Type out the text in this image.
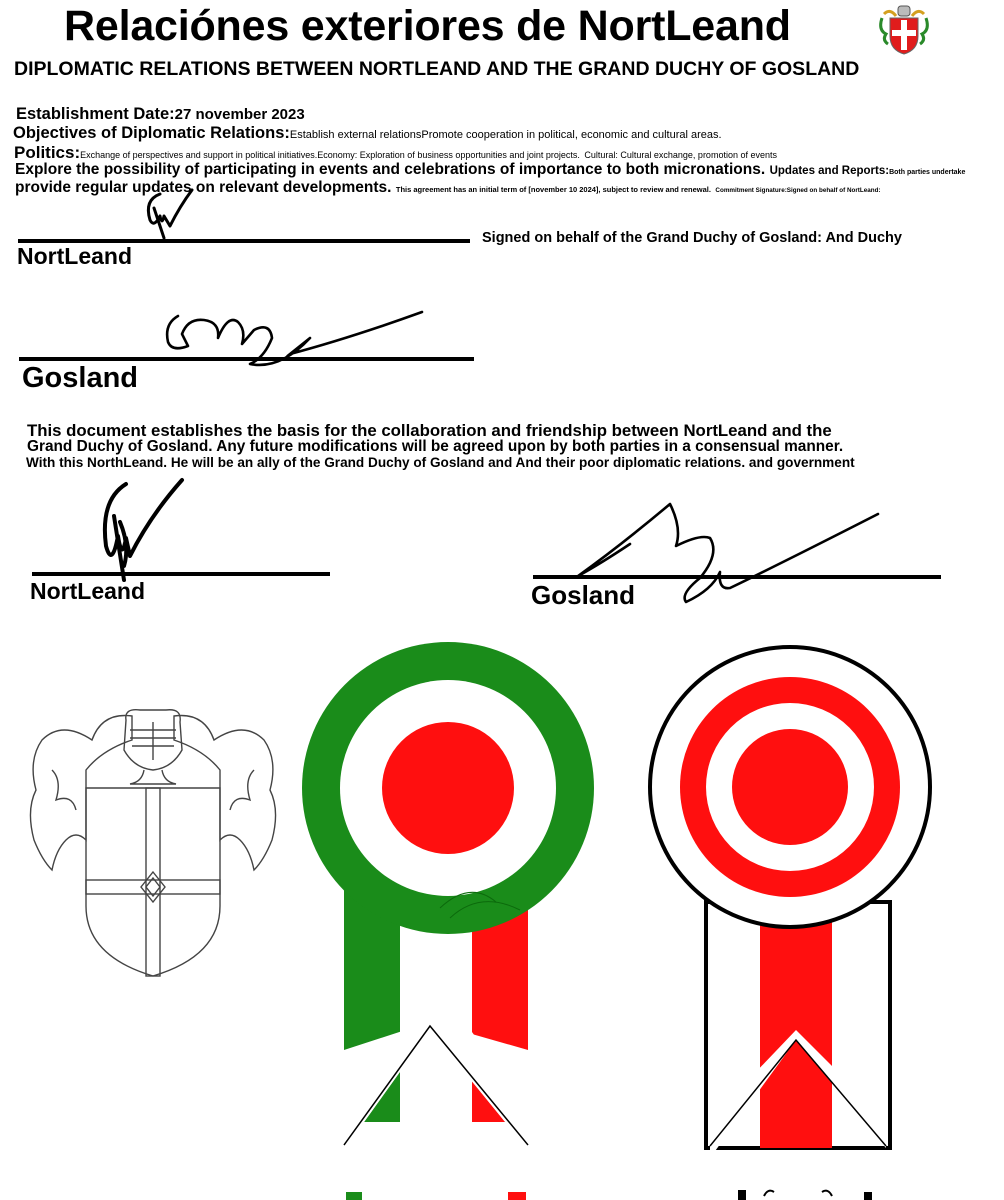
Relaciónes exteriores de NortLeand
DIPLOMATIC RELATIONS BETWEEN NORTLEAND AND THE GRAND DUCHY OF GOSLAND
Establishment Date:27 november 2023
Objectives of Diplomatic Relations:Establish external relationsPromote cooperation in political, economic and cultural areas.
Politics:Exchange of perspectives and support in political initiatives.Economy: Exploration of business opportunities and joint projects. Cultural: Cultural exchange, promotion of events
Explore the possibility of participating in events and celebrations of importance to both micronations. Updates and Reports:Both parties undertake
provide regular updates on relevant developments. This agreement has an initial term of [november 10 2024], subject to review and renewal. Commitment Signature:Signed on behalf of NortLeand:
NortLeand
Signed on behalf of the Grand Duchy of Gosland: And Duchy
Gosland
This document establishes the basis for the collaboration and friendship between NortLeand and the
Grand Duchy of Gosland. Any future modifications will be agreed upon by both parties in a consensual manner.
With this NorthLeand. He will be an ally of the Grand Duchy of Gosland and And their poor diplomatic relations. and government
NortLeand	Gosland
